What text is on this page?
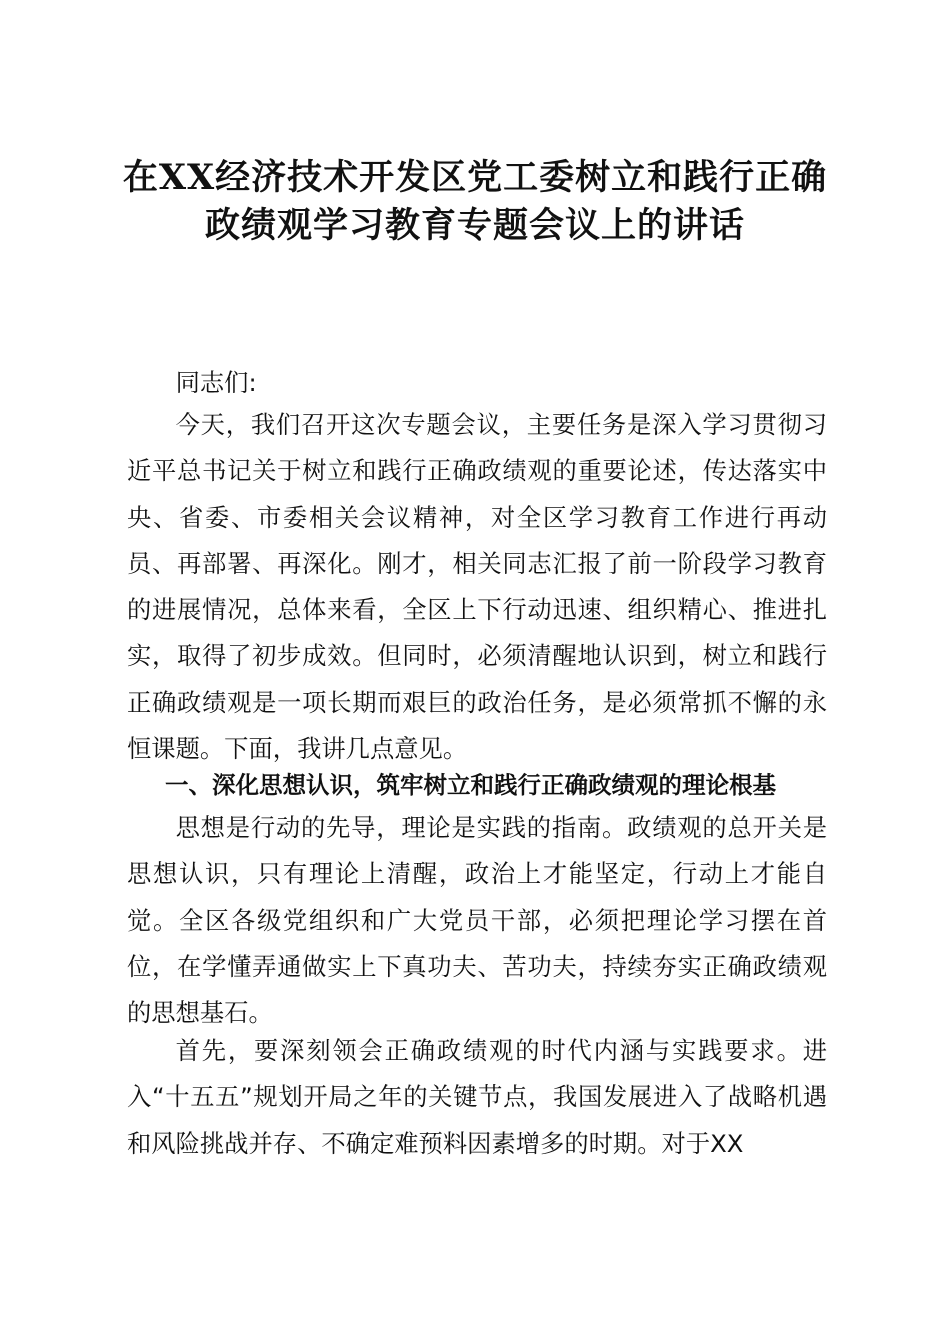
在XX经济技术开发区党工委树立和践行正确
政绩观学习教育专题会议上的讲话

同志们:

今天，我们召开这次专题会议，主要任务是深入学习贯彻习近平总书记关于树立和践行正确政绩观的重要论述，传达落实中央、省委、市委相关会议精神，对全区学习教育工作进行再动员、再部署、再深化。刚才，相关同志汇报了前一阶段学习教育的进展情况，总体来看，全区上下行动迅速、组织精心、推进扎实，取得了初步成效。但同时，必须清醒地认识到，树立和践行正确政绩观是一项长期而艰巨的政治任务，是必须常抓不懈的永恒课题。下面，我讲几点意见。

一、深化思想认识，筑牢树立和践行正确政绩观的理论根基

思想是行动的先导，理论是实践的指南。政绩观的总开关是思想认识，只有理论上清醒，政治上才能坚定，行动上才能自觉。全区各级党组织和广大党员干部，必须把理论学习摆在首位，在学懂弄通做实上下真功夫、苦功夫，持续夯实正确政绩观的思想基石。

首先，要深刻领会正确政绩观的时代内涵与实践要求。进入“十五五”规划开局之年的关键节点，我国发展进入了战略机遇和风险挑战并存、不确定难预料因素增多的时期。对于XX
